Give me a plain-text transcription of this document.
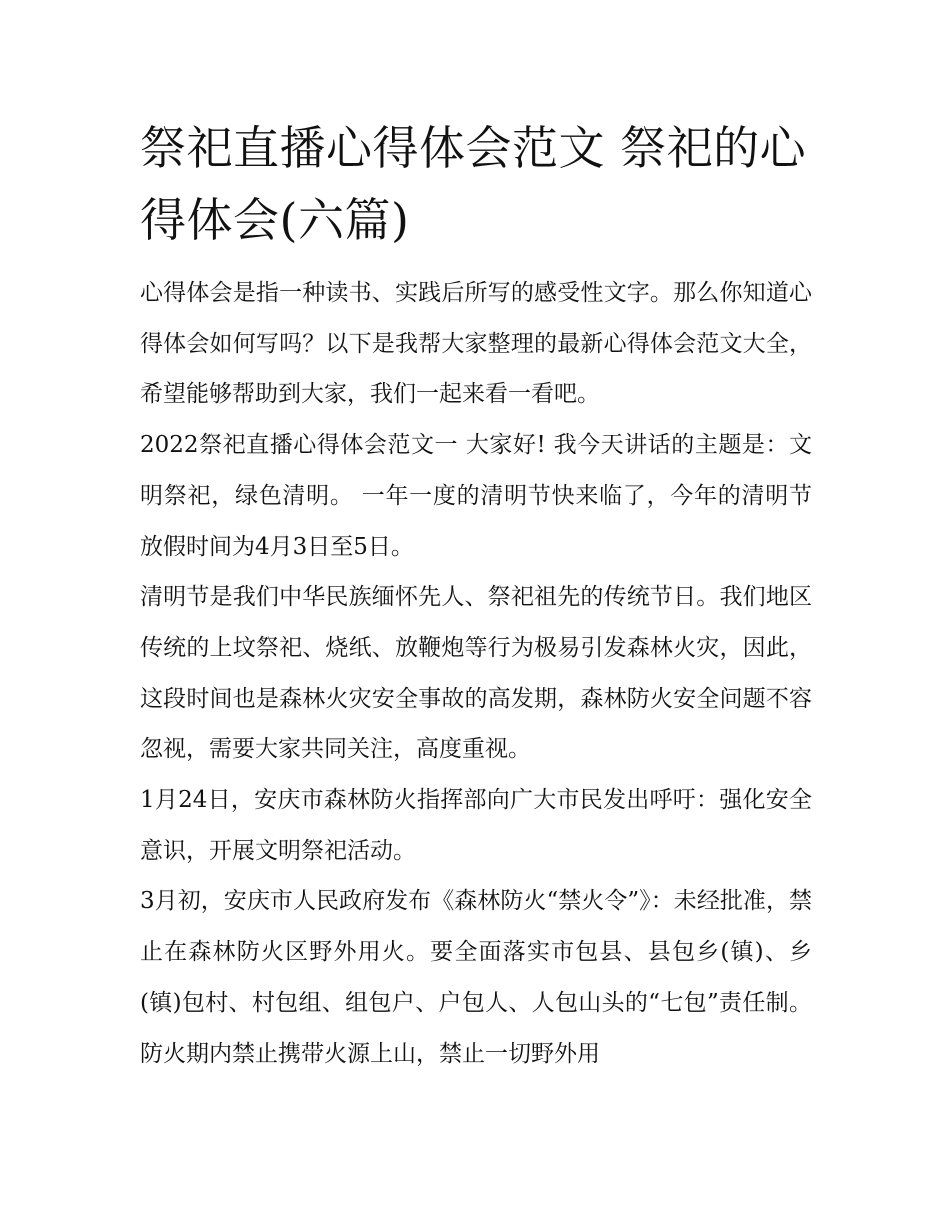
祭祀直播心得体会范文 祭祀的心得体会(六篇)

心得体会是指一种读书、实践后所写的感受性文字。那么你知道心得体会如何写吗？以下是我帮大家整理的最新心得体会范文大全，希望能够帮助到大家，我们一起来看一看吧。

2022祭祀直播心得体会范文一 大家好! 我今天讲话的主题是：文明祭祀，绿色清明。 一年一度的清明节快来临了，今年的清明节放假时间为4月3日至5日。

清明节是我们中华民族缅怀先人、祭祀祖先的传统节日。我们地区传统的上坟祭祀、烧纸、放鞭炮等行为极易引发森林火灾，因此，这段时间也是森林火灾安全事故的高发期，森林防火安全问题不容忽视，需要大家共同关注，高度重视。

1月24日，安庆市森林防火指挥部向广大市民发出呼吁：强化安全意识，开展文明祭祀活动。

3月初，安庆市人民政府发布《森林防火“禁火令”》：未经批准，禁止在森林防火区野外用火。要全面落实市包县、县包乡(镇)、乡(镇)包村、村包组、组包户、户包人、人包山头的“七包”责任制。防火期内禁止携带火源上山，禁止一切野外用
